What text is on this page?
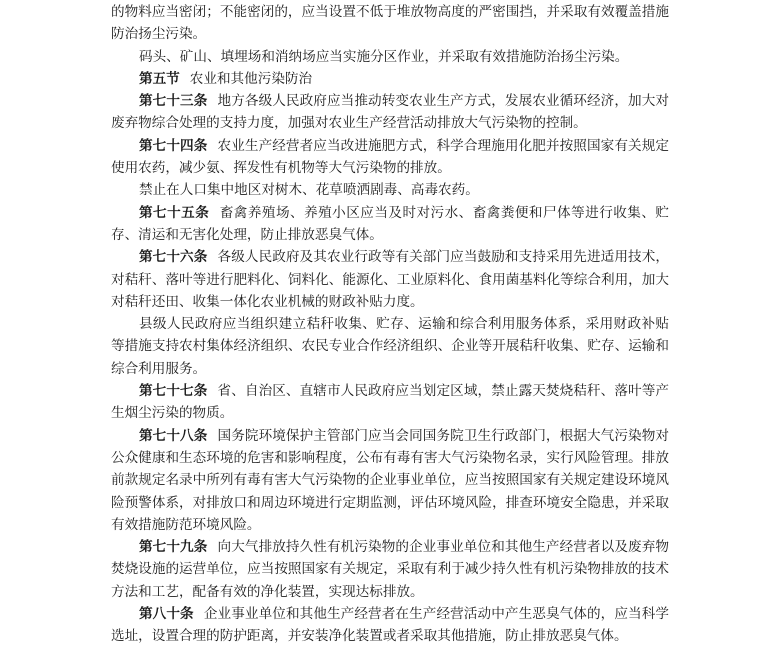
的物料应当密闭；不能密闭的，应当设置不低于堆放物高度的严密围挡，并采取有效覆盖措施防治扬尘污染。

码头、矿山、填埋场和消纳场应当实施分区作业，并采取有效措施防治扬尘污染。

第五节 农业和其他污染防治

第七十三条 地方各级人民政府应当推动转变农业生产方式，发展农业循环经济，加大对废弃物综合处理的支持力度，加强对农业生产经营活动排放大气污染物的控制。

第七十四条 农业生产经营者应当改进施肥方式，科学合理施用化肥并按照国家有关规定使用农药，减少氨、挥发性有机物等大气污染物的排放。

禁止在人口集中地区对树木、花草喷洒剧毒、高毒农药。

第七十五条 畜禽养殖场、养殖小区应当及时对污水、畜禽粪便和尸体等进行收集、贮存、清运和无害化处理，防止排放恶臭气体。

第七十六条 各级人民政府及其农业行政等有关部门应当鼓励和支持采用先进适用技术，对秸秆、落叶等进行肥料化、饲料化、能源化、工业原料化、食用菌基料化等综合利用，加大对秸秆还田、收集一体化农业机械的财政补贴力度。

县级人民政府应当组织建立秸秆收集、贮存、运输和综合利用服务体系，采用财政补贴等措施支持农村集体经济组织、农民专业合作经济组织、企业等开展秸秆收集、贮存、运输和综合利用服务。

第七十七条 省、自治区、直辖市人民政府应当划定区域，禁止露天焚烧秸秆、落叶等产生烟尘污染的物质。

第七十八条 国务院环境保护主管部门应当会同国务院卫生行政部门，根据大气污染物对公众健康和生态环境的危害和影响程度，公布有毒有害大气污染物名录，实行风险管理。排放前款规定名录中所列有毒有害大气污染物的企业事业单位，应当按照国家有关规定建设环境风险预警体系，对排放口和周边环境进行定期监测，评估环境风险，排查环境安全隐患，并采取有效措施防范环境风险。

第七十九条 向大气排放持久性有机污染物的企业事业单位和其他生产经营者以及废弃物焚烧设施的运营单位，应当按照国家有关规定，采取有利于减少持久性有机污染物排放的技术方法和工艺，配备有效的净化装置，实现达标排放。

第八十条 企业事业单位和其他生产经营者在生产经营活动中产生恶臭气体的，应当科学选址，设置合理的防护距离，并安装净化装置或者采取其他措施，防止排放恶臭气体。
